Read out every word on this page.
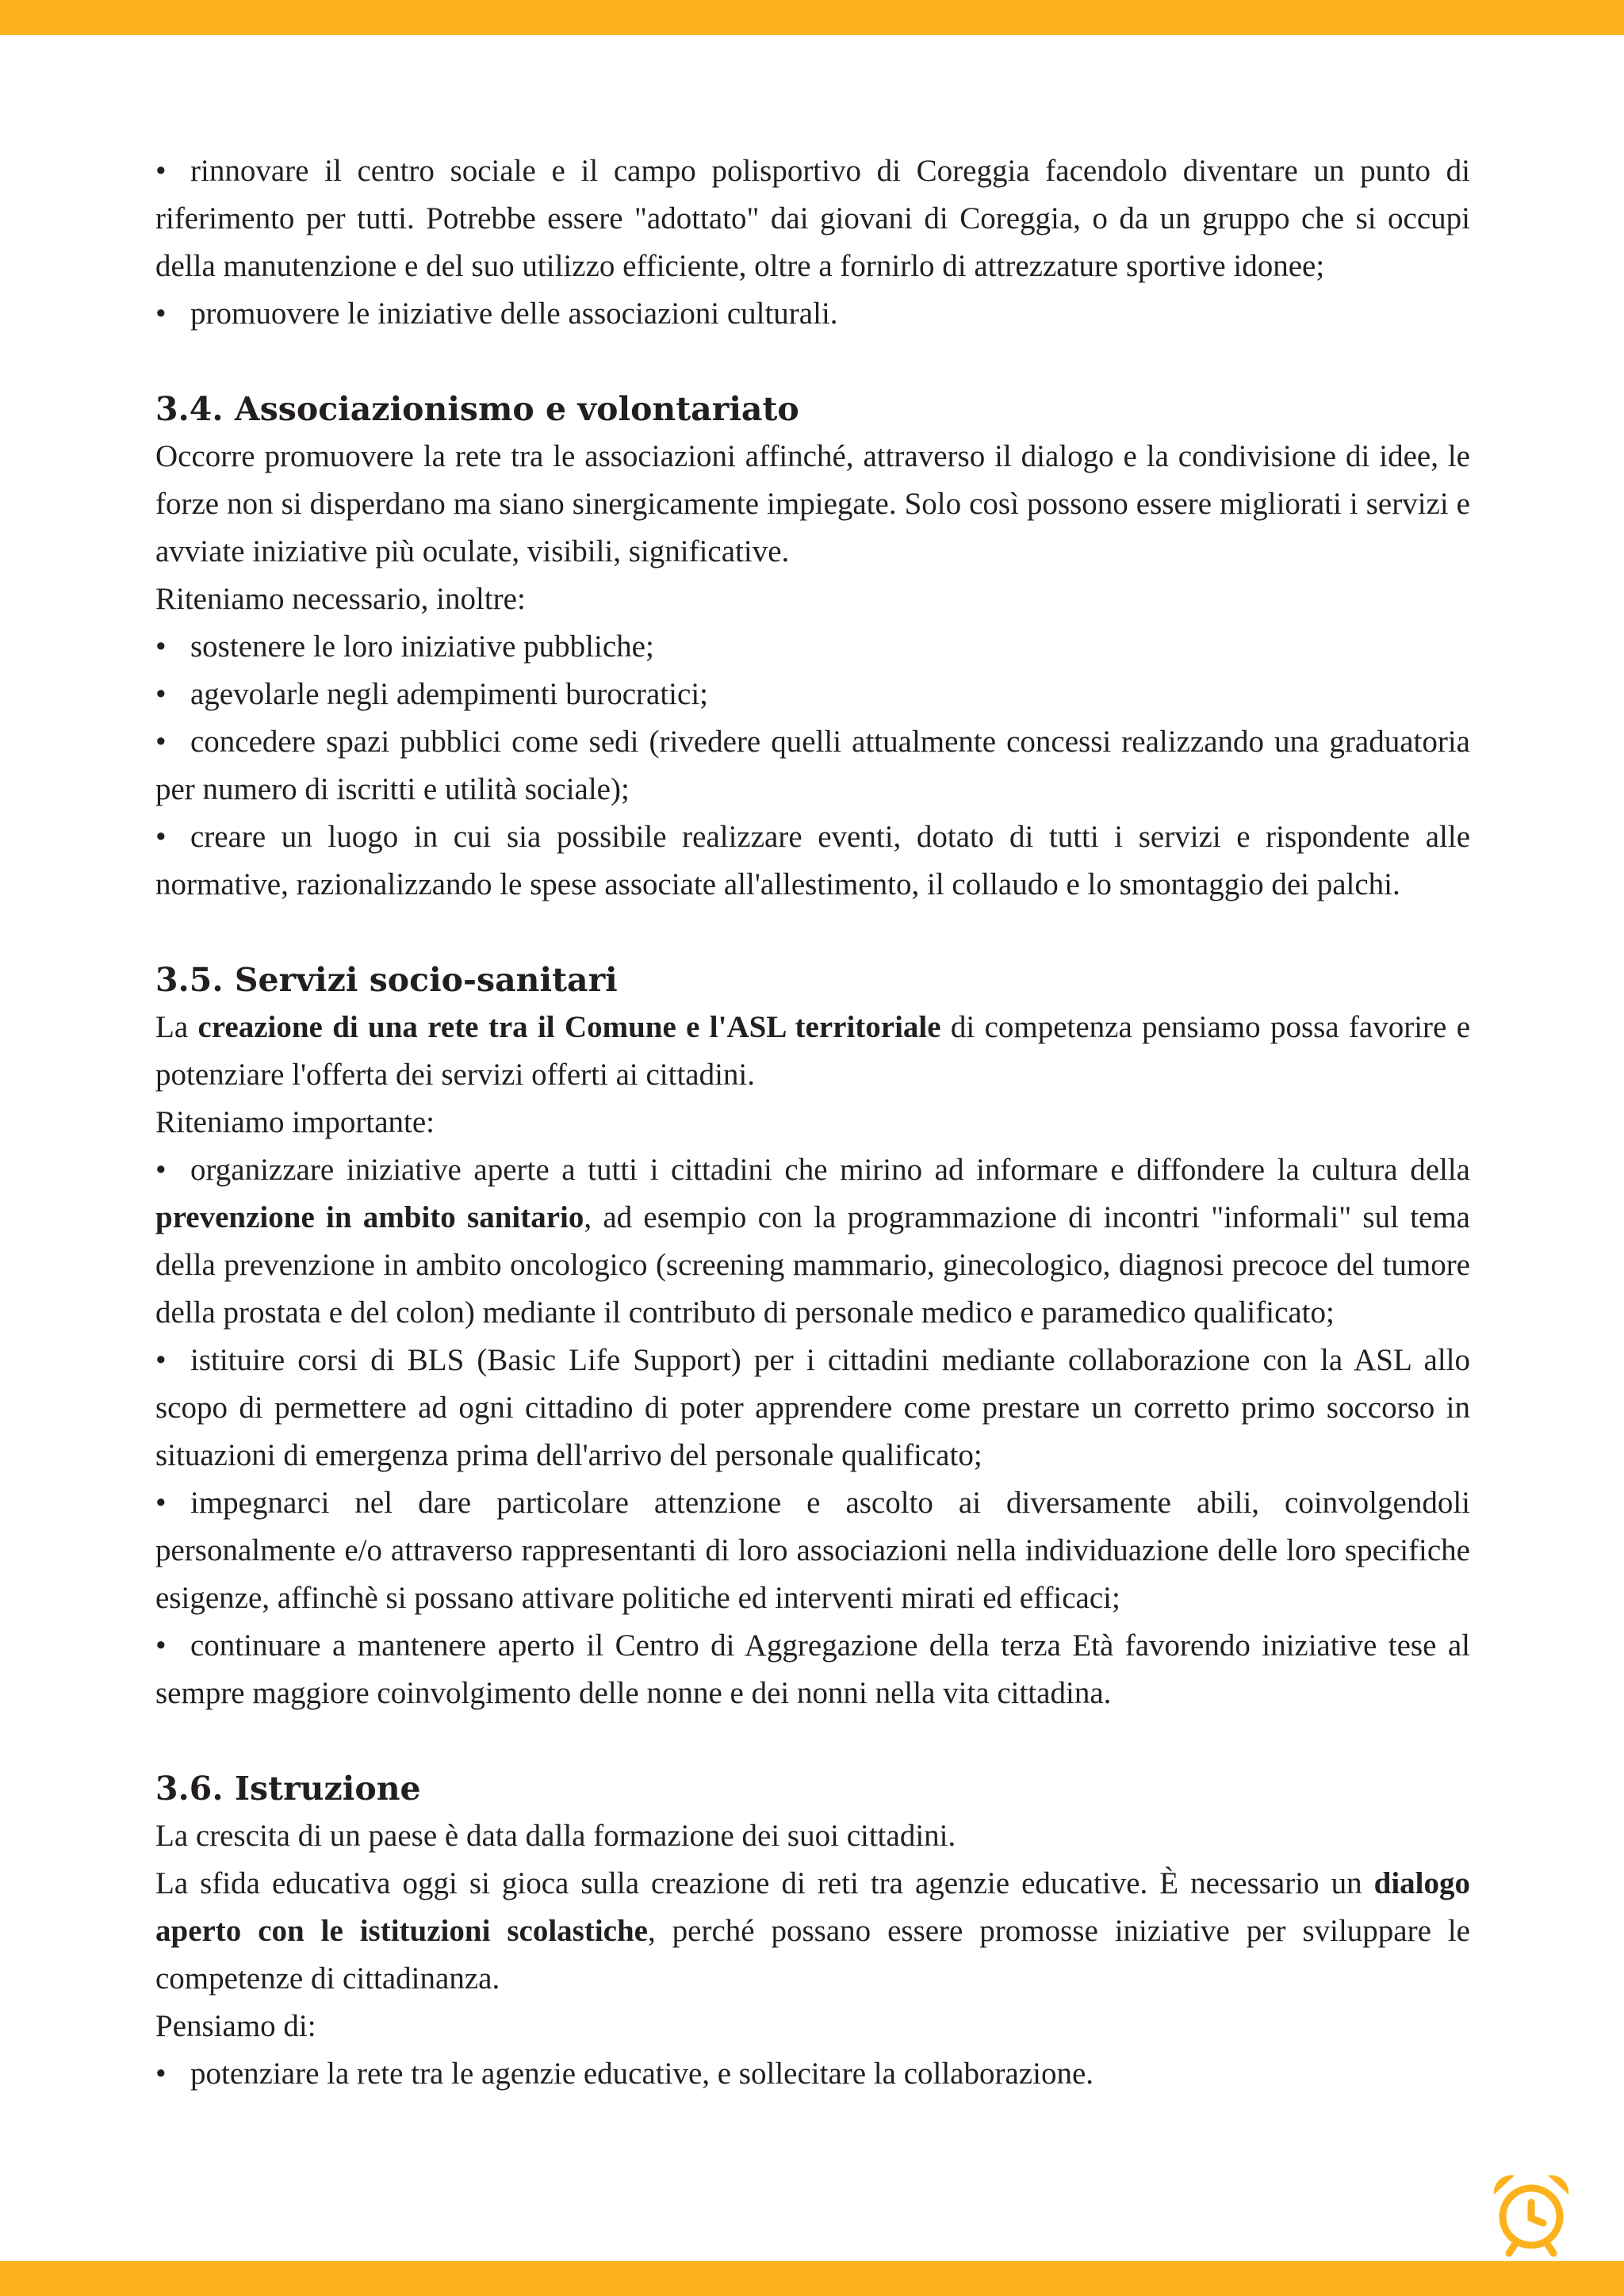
• rinnovare il centro sociale e il campo polisportivo di Coreggia facendolo diventare un punto di riferimento per tutti. Potrebbe essere "adottato" dai giovani di Coreggia, o da un gruppo che si occupi della manutenzione e del suo utilizzo efficiente, oltre a fornirlo di attrezzature sportive idonee;

• promuovere le iniziative delle associazioni culturali.

3.4. Associazionismo e volontariato

Occorre promuovere la rete tra le associazioni affinché, attraverso il dialogo e la condivisione di idee, le forze non si disperdano ma siano sinergicamente impiegate. Solo così possono essere migliorati i servizi e avviate iniziative più oculate, visibili, significative.

Riteniamo necessario, inoltre:

• sostenere le loro iniziative pubbliche;

• agevolarle negli adempimenti burocratici;

• concedere spazi pubblici come sedi (rivedere quelli attualmente concessi realizzando una graduatoria per numero di iscritti e utilità sociale);

• creare un luogo in cui sia possibile realizzare eventi, dotato di tutti i servizi e rispondente alle normative, razionalizzando le spese associate all'allestimento, il collaudo e lo smontaggio dei palchi.

3.5. Servizi socio-sanitari

La creazione di una rete tra il Comune e l'ASL territoriale di competenza pensiamo possa favorire e potenziare l'offerta dei servizi offerti ai cittadini.

Riteniamo importante:

• organizzare iniziative aperte a tutti i cittadini che mirino ad informare e diffondere la cultura della prevenzione in ambito sanitario, ad esempio con la programmazione di incontri "informali" sul tema della prevenzione in ambito oncologico (screening mammario, ginecologico, diagnosi precoce del tumore della prostata e del colon) mediante il contributo di personale medico e paramedico qualificato;

• istituire corsi di BLS (Basic Life Support) per i cittadini mediante collaborazione con la ASL allo scopo di permettere ad ogni cittadino di poter apprendere come prestare un corretto primo soccorso in situazioni di emergenza prima dell'arrivo del personale qualificato;

• impegnarci nel dare particolare attenzione e ascolto ai diversamente abili, coinvolgendoli personalmente e/o attraverso rappresentanti di loro associazioni nella individuazione delle loro specifiche esigenze, affinchè si possano attivare politiche ed interventi mirati ed efficaci;

• continuare a mantenere aperto il Centro di Aggregazione della terza Età favorendo iniziative tese al sempre maggiore coinvolgimento delle nonne e dei nonni nella vita cittadina.

3.6. Istruzione

La crescita di un paese è data dalla formazione dei suoi cittadini.

La sfida educativa oggi si gioca sulla creazione di reti tra agenzie educative. È necessario un dialogo aperto con le istituzioni scolastiche, perché possano essere promosse iniziative per sviluppare le competenze di cittadinanza.

Pensiamo di:

• potenziare la rete tra le agenzie educative, e sollecitare la collaborazione.
